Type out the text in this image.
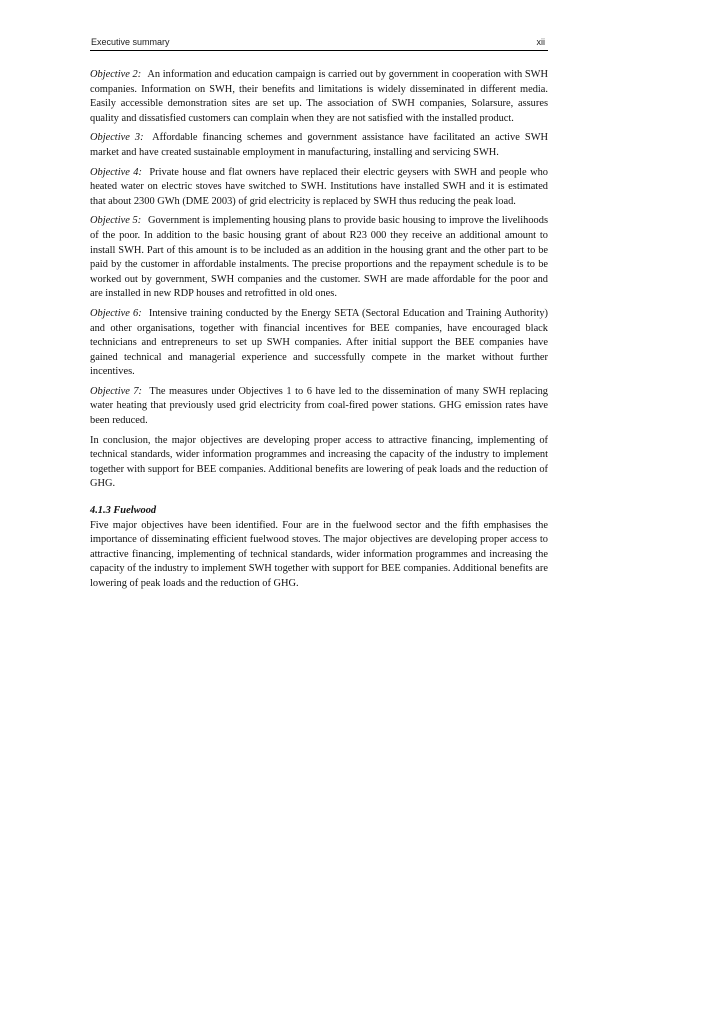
Executive summary	xii

Objective 2: An information and education campaign is carried out by government in cooperation with SWH companies. Information on SWH, their benefits and limitations is widely disseminated in different media. Easily accessible demonstration sites are set up. The association of SWH companies, Solarsure, assures quality and dissatisfied customers can complain when they are not satisfied with the installed product.

Objective 3: Affordable financing schemes and government assistance have facilitated an active SWH market and have created sustainable employment in manufacturing, installing and servicing SWH.

Objective 4: Private house and flat owners have replaced their electric geysers with SWH and people who heated water on electric stoves have switched to SWH. Institutions have installed SWH and it is estimated that about 2300 GWh (DME 2003) of grid electricity is replaced by SWH thus reducing the peak load.

Objective 5: Government is implementing housing plans to provide basic housing to improve the livelihoods of the poor. In addition to the basic housing grant of about R23 000 they receive an additional amount to install SWH. Part of this amount is to be included as an addition in the housing grant and the other part to be paid by the customer in affordable instalments. The precise proportions and the repayment schedule is to be worked out by government, SWH companies and the customer. SWH are made affordable for the poor and are installed in new RDP houses and retrofitted in old ones.

Objective 6: Intensive training conducted by the Energy SETA (Sectoral Education and Training Authority) and other organisations, together with financial incentives for BEE companies, have encouraged black technicians and entrepreneurs to set up SWH companies. After initial support the BEE companies have gained technical and managerial experience and successfully compete in the market without further incentives.

Objective 7: The measures under Objectives 1 to 6 have led to the dissemination of many SWH replacing water heating that previously used grid electricity from coal-fired power stations. GHG emission rates have been reduced.

In conclusion, the major objectives are developing proper access to attractive financing, implementing of technical standards, wider information programmes and increasing the capacity of the industry to implement together with support for BEE companies. Additional benefits are lowering of peak loads and the reduction of GHG.

4.1.3 Fuelwood

Five major objectives have been identified. Four are in the fuelwood sector and the fifth emphasises the importance of disseminating efficient fuelwood stoves. The major objectives are developing proper access to attractive financing, implementing of technical standards, wider information programmes and increasing the capacity of the industry to implement SWH together with support for BEE companies. Additional benefits are lowering of peak loads and the reduction of GHG.
